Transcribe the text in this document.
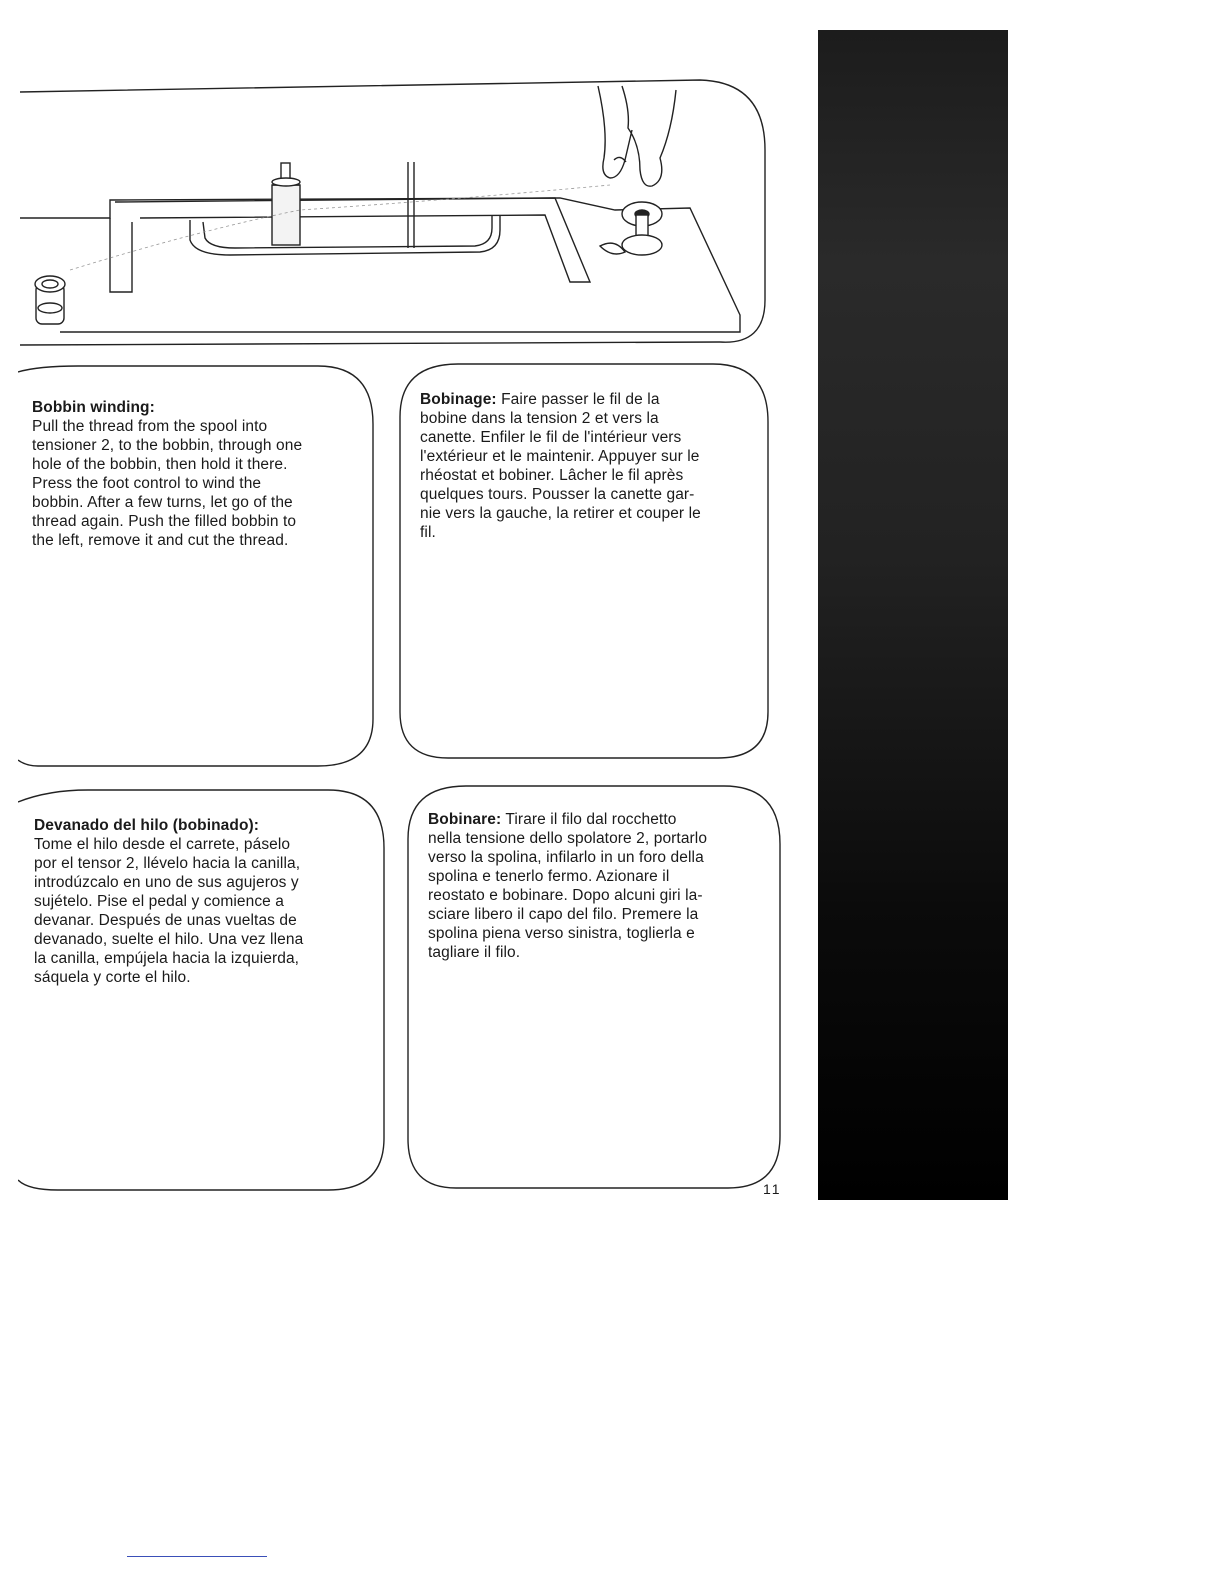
Bobbin winding:
Pull the thread from the spool into
tensioner 2, to the bobbin, through one
hole of the bobbin, then hold it there.
Press the foot control to wind the
bobbin. After a few turns, let go of the
thread again. Push the filled bobbin to
the left, remove it and cut the thread.
Bobinage: Faire passer le fil de la
bobine dans la tension 2 et vers la
canette. Enfiler le fil de l'intérieur vers
l'extérieur et le maintenir. Appuyer sur le
rhéostat et bobiner. Lâcher le fil après
quelques tours. Pousser la canette gar-
nie vers la gauche, la retirer et couper le
fil.
Devanado del hilo (bobinado):
Tome el hilo desde el carrete, páselo
por el tensor 2, llévelo hacia la canilla,
introdúzcalo en uno de sus agujeros y
sujételo. Pise el pedal y comience a
devanar. Después de unas vueltas de
devanado, suelte el hilo. Una vez llena
la canilla, empújela hacia la izquierda,
sáquela y corte el hilo.
Bobinare: Tirare il filo dal rocchetto
nella tensione dello spolatore 2, portarlo
verso la spolina, infilarlo in un foro della
spolina e tenerlo fermo. Azionare il
reostato e bobinare. Dopo alcuni giri la-
sciare libero il capo del filo. Premere la
spolina piena verso sinistra, toglierla e
tagliare il filo.
11
